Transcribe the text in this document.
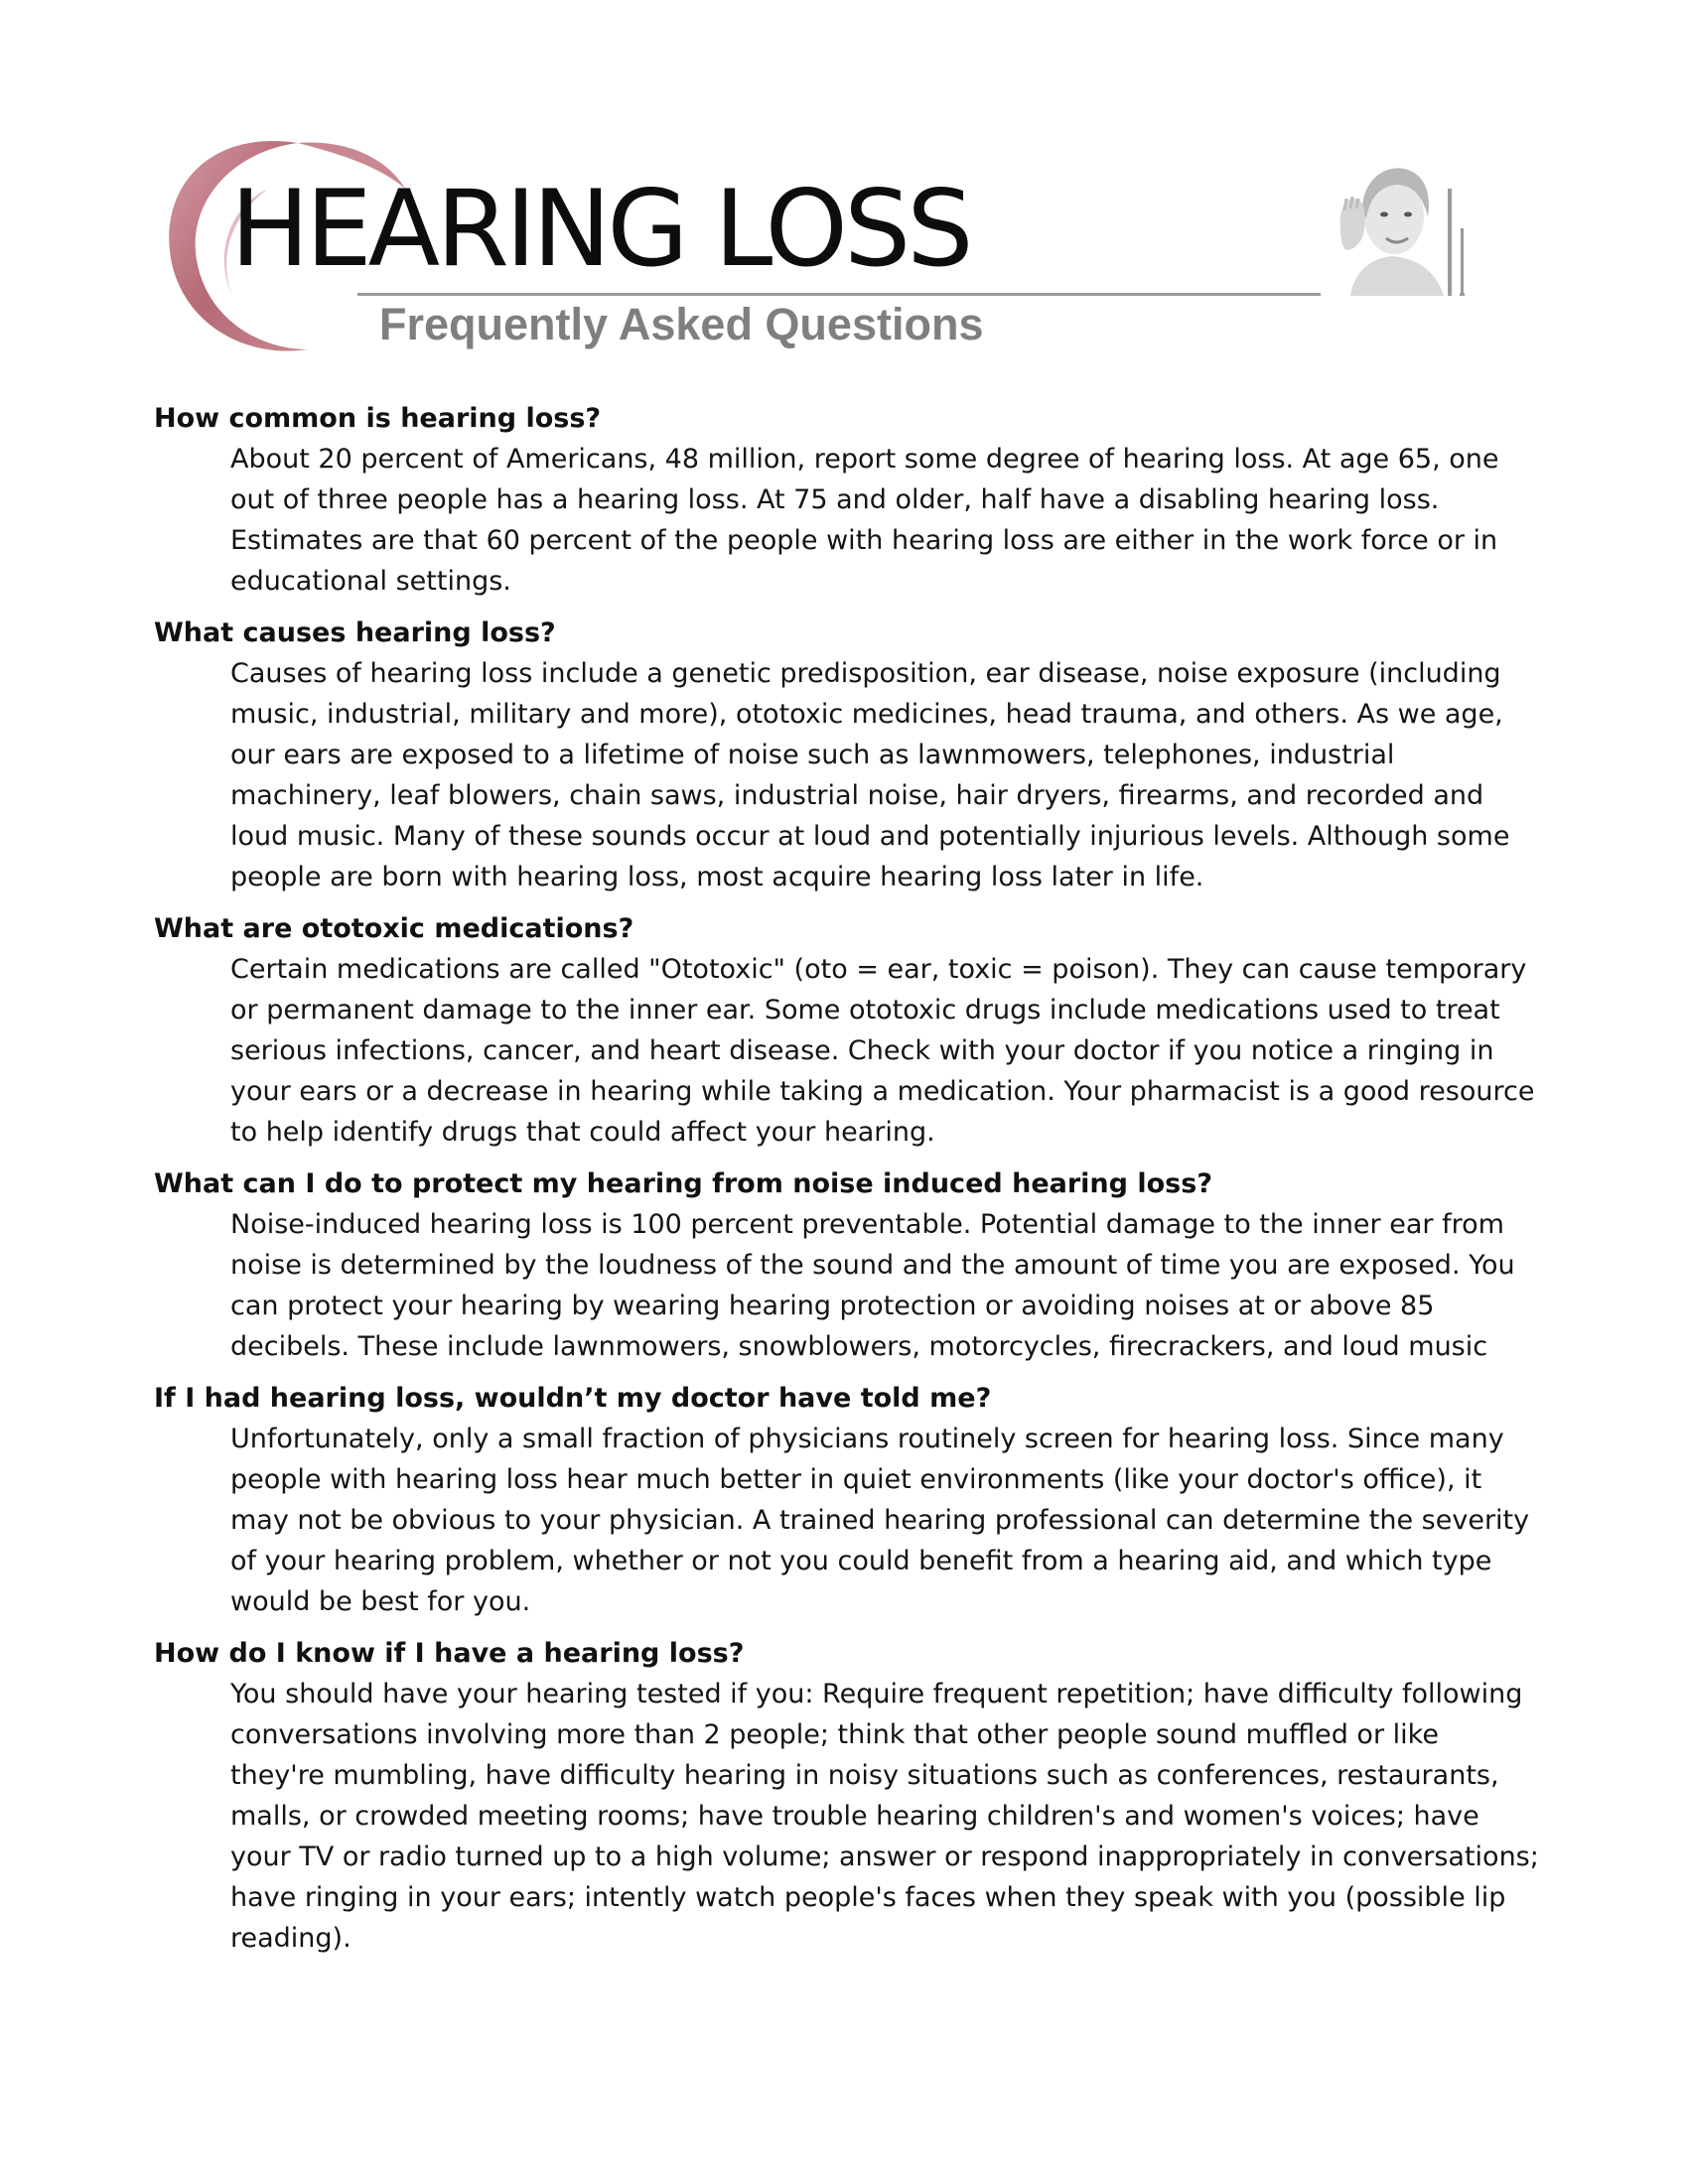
HEARING LOSS
Frequently Asked Questions

How common is hearing loss?

About 20 percent of Americans, 48 million, report some degree of hearing loss. At age 65, one out of three people has a hearing loss. At 75 and older, half have a disabling hearing loss. Estimates are that 60 percent of the people with hearing loss are either in the work force or in educational settings.

What causes hearing loss?

Causes of hearing loss include a genetic predisposition, ear disease, noise exposure (including music, industrial, military and more), ototoxic medicines, head trauma, and others. As we age, our ears are exposed to a lifetime of noise such as lawnmowers, telephones, industrial machinery, leaf blowers, chain saws, industrial noise, hair dryers, firearms, and recorded and loud music. Many of these sounds occur at loud and potentially injurious levels. Although some people are born with hearing loss, most acquire hearing loss later in life.

What are ototoxic medications?

Certain medications are called "Ototoxic" (oto = ear, toxic = poison). They can cause temporary or permanent damage to the inner ear. Some ototoxic drugs include medications used to treat serious infections, cancer, and heart disease. Check with your doctor if you notice a ringing in your ears or a decrease in hearing while taking a medication. Your pharmacist is a good resource to help identify drugs that could affect your hearing.

What can I do to protect my hearing from noise induced hearing loss?

Noise-induced hearing loss is 100 percent preventable. Potential damage to the inner ear from noise is determined by the loudness of the sound and the amount of time you are exposed. You can protect your hearing by wearing hearing protection or avoiding noises at or above 85 decibels. These include lawnmowers, snowblowers, motorcycles, firecrackers, and loud music

If I had hearing loss, wouldn’t my doctor have told me?

Unfortunately, only a small fraction of physicians routinely screen for hearing loss. Since many people with hearing loss hear much better in quiet environments (like your doctor's office), it may not be obvious to your physician. A trained hearing professional can determine the severity of your hearing problem, whether or not you could benefit from a hearing aid, and which type would be best for you.

How do I know if I have a hearing loss?

You should have your hearing tested if you: Require frequent repetition; have difficulty following conversations involving more than 2 people; think that other people sound muffled or like they're mumbling, have difficulty hearing in noisy situations such as conferences, restaurants, malls, or crowded meeting rooms; have trouble hearing children's and women's voices; have your TV or radio turned up to a high volume; answer or respond inappropriately in conversations; have ringing in your ears; intently watch people's faces when they speak with you (possible lip reading).
